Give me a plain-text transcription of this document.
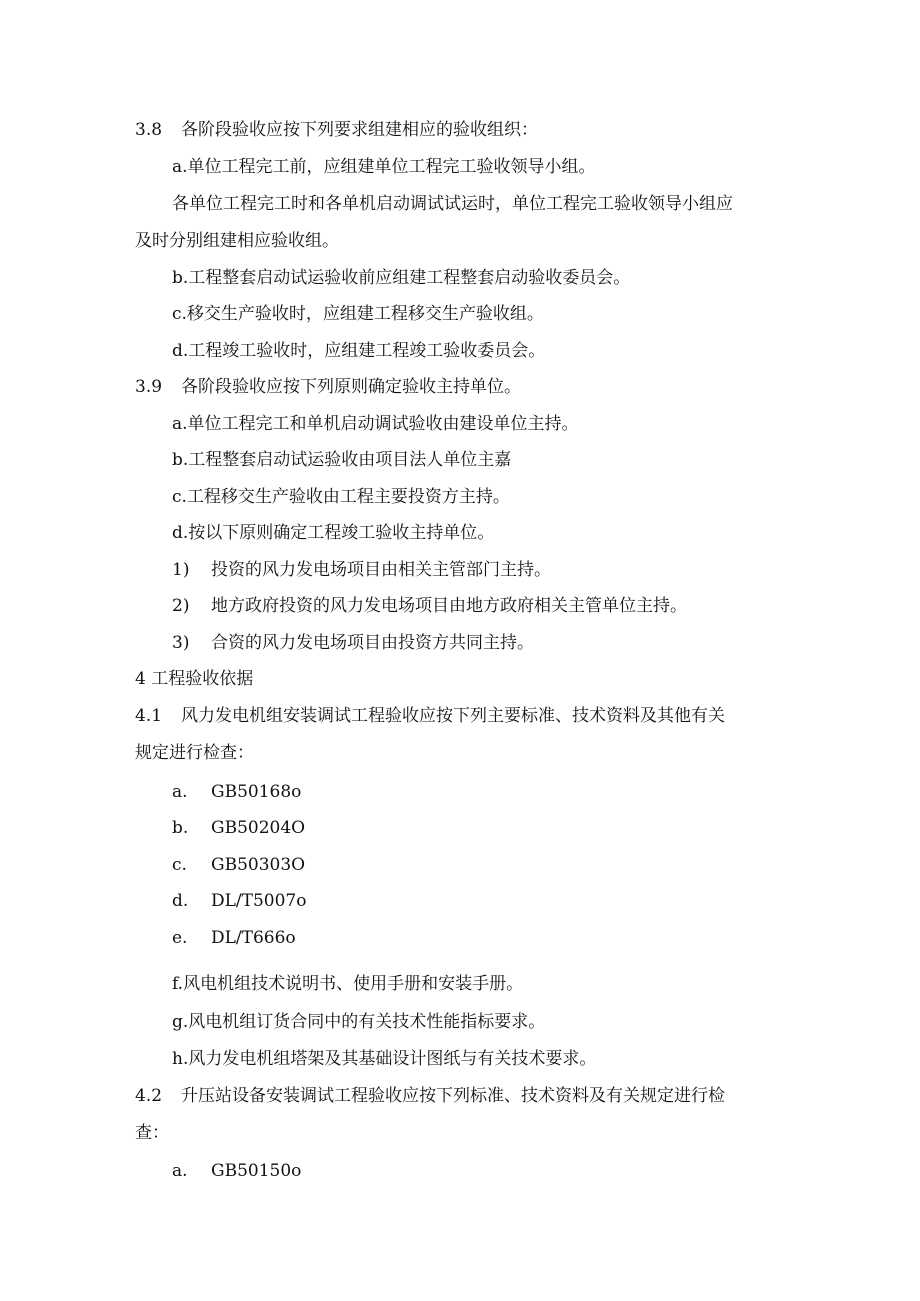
3.8	各阶段验收应按下列要求组建相应的验收组织：
a.单位工程完工前，应组建单位工程完工验收领导小组。
各单位工程完工时和各单机启动调试试运时，单位工程完工验收领导小组应
及时分别组建相应验收组。
b.工程整套启动试运验收前应组建工程整套启动验收委员会。
c.移交生产验收时，应组建工程移交生产验收组。
d.工程竣工验收时，应组建工程竣工验收委员会。
3.9	各阶段验收应按下列原则确定验收主持单位。
a.单位工程完工和单机启动调试验收由建设单位主持。
b.工程整套启动试运验收由项目法人单位主嘉
c.工程移交生产验收由工程主要投资方主持。
d.按以下原则确定工程竣工验收主持单位。
1)	投资的风力发电场项目由相关主管部门主持。
2)	地方政府投资的风力发电场项目由地方政府相关主管单位主持。
3)	合资的风力发电场项目由投资方共同主持。
4 工程验收依据
4.1	风力发电机组安装调试工程验收应按下列主要标准、技术资料及其他有关
规定进行检查：
a.	GB50168o
b.	GB50204O
c.	GB50303O
d.	DL/T5007o
e.	DL/T666o
f.风电机组技术说明书、使用手册和安装手册。
g.风电机组订货合同中的有关技术性能指标要求。
h.风力发电机组塔架及其基础设计图纸与有关技术要求。
4.2	升压站设备安装调试工程验收应按下列标准、技术资料及有关规定进行检
查：
a.	GB50150o
